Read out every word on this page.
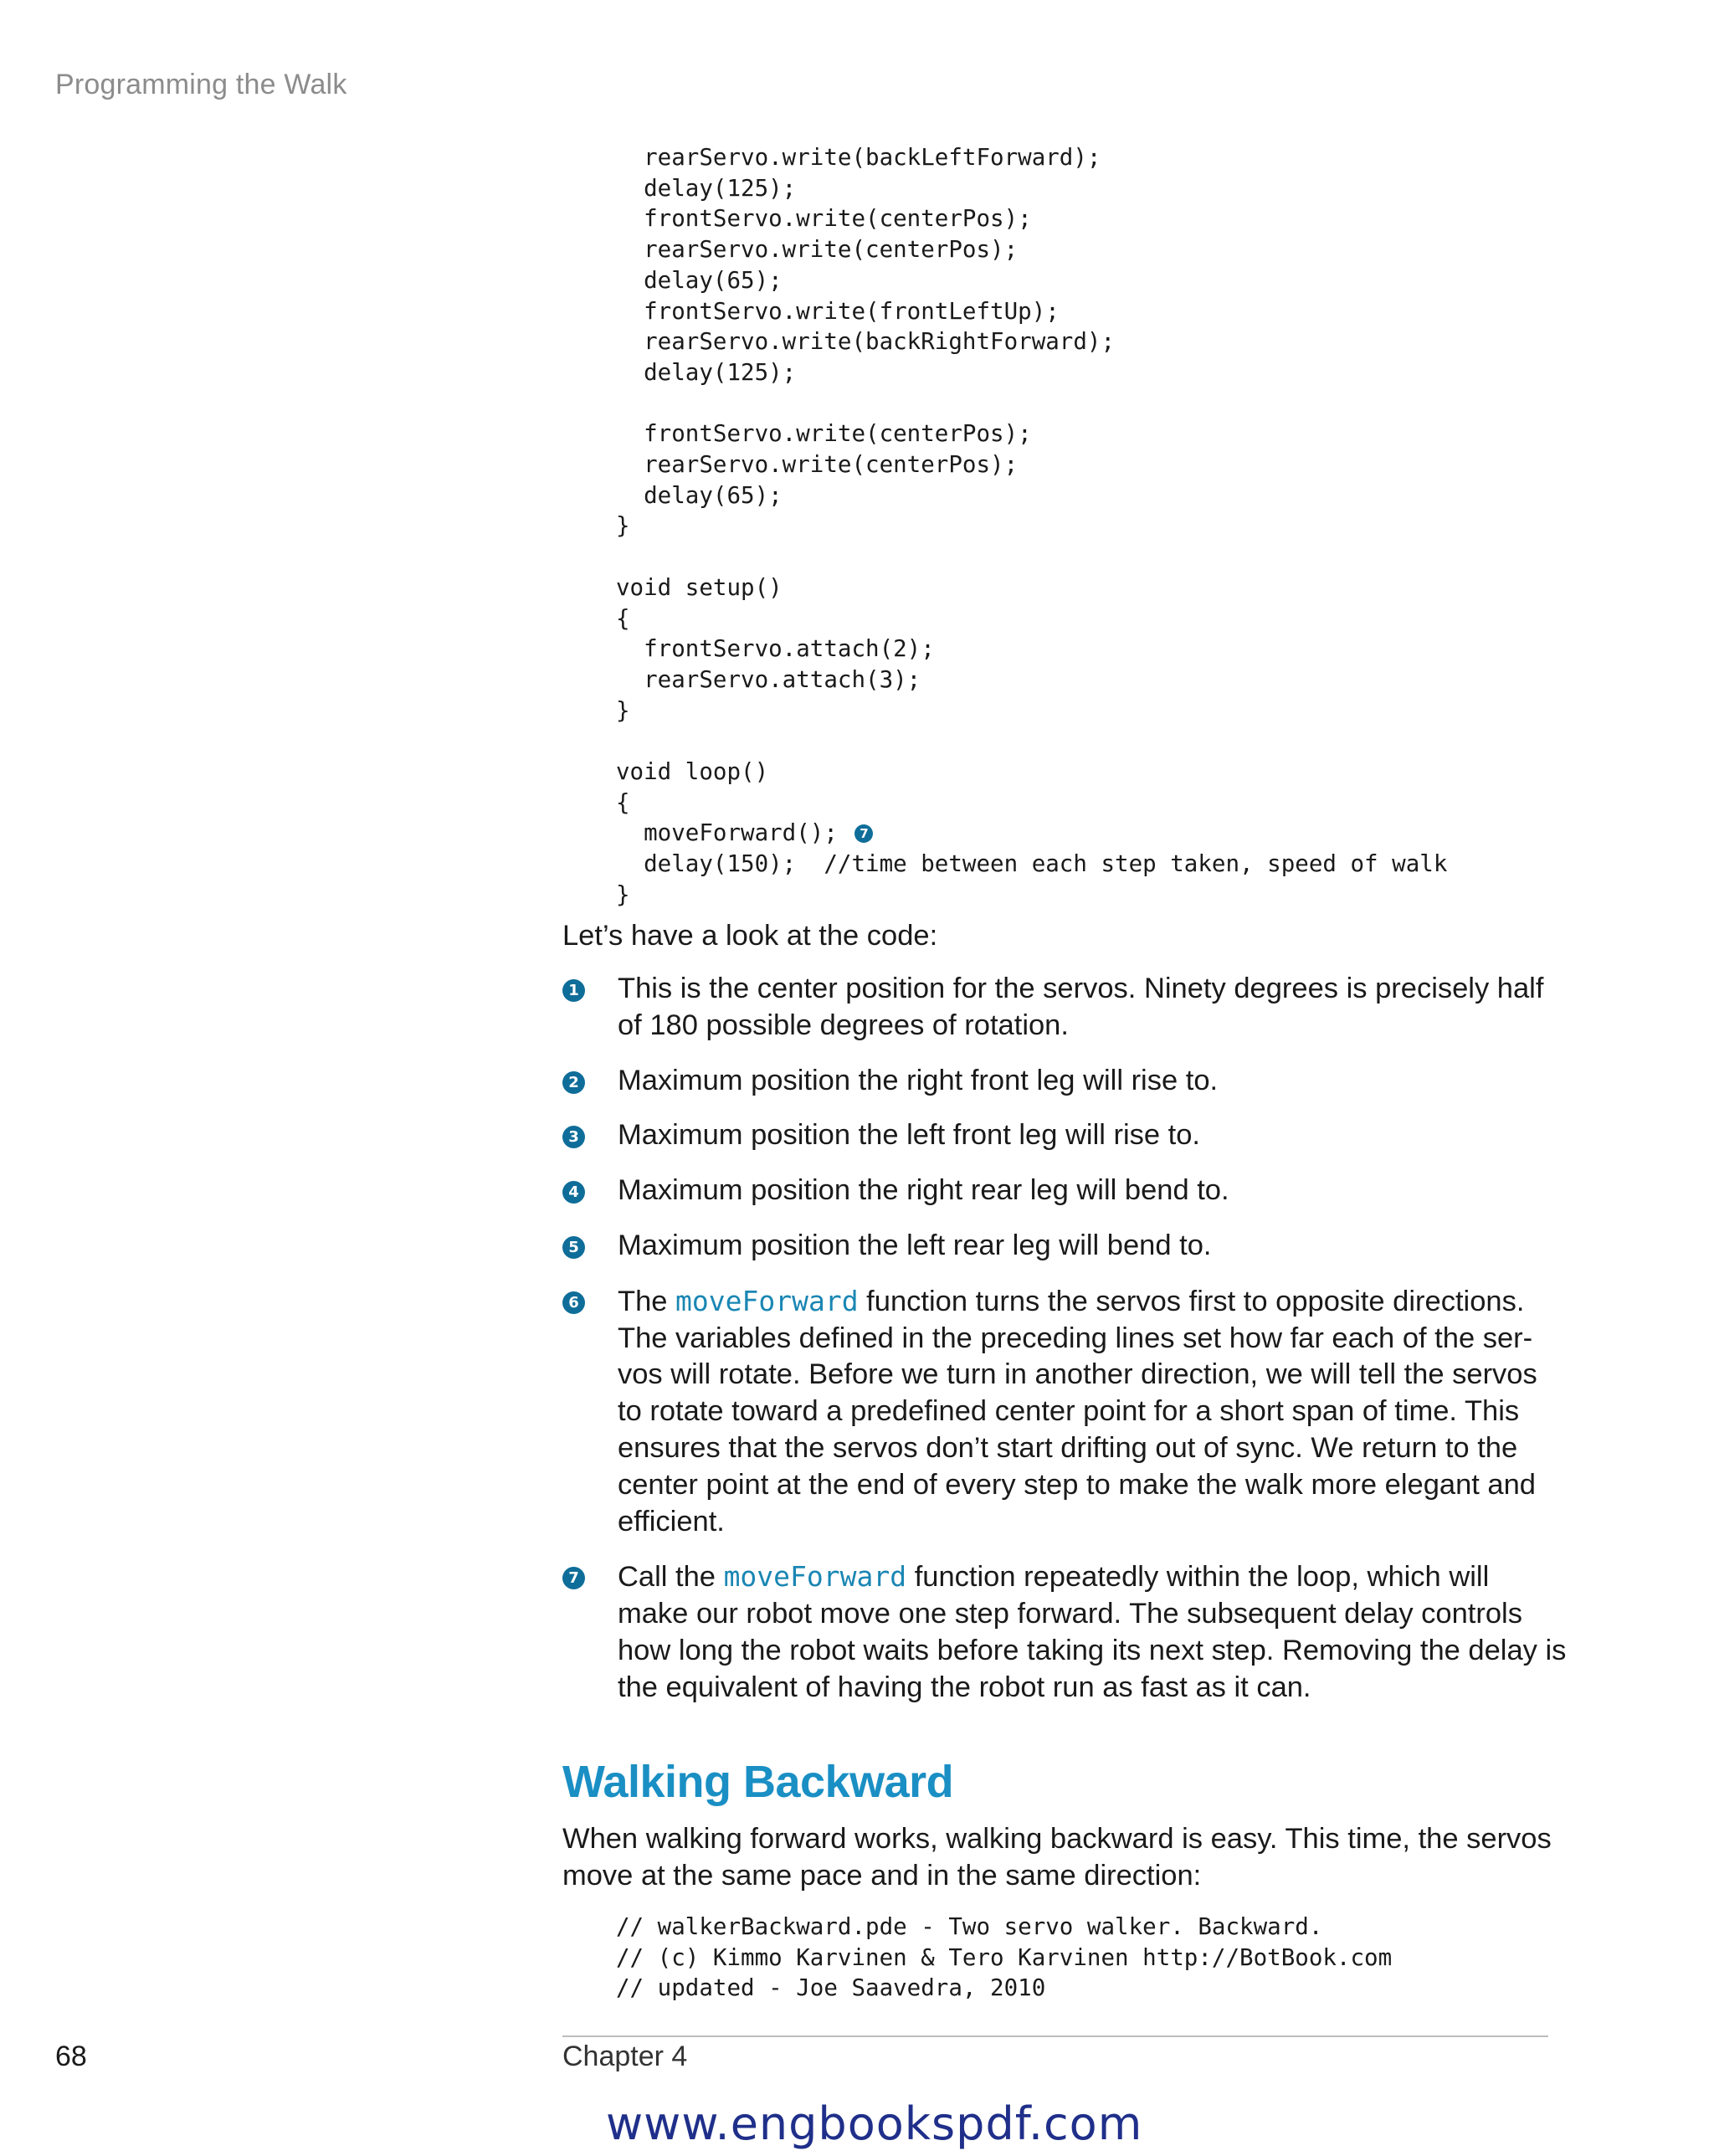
Programming the Walk
rearServo.write(backLeftForward);
delay(125);
frontServo.write(centerPos);
rearServo.write(centerPos);
delay(65);
frontServo.write(frontLeftUp);
rearServo.write(backRightForward);
delay(125);

frontServo.write(centerPos);
rearServo.write(centerPos);
delay(65);
}

void setup()
{
frontServo.attach(2);
rearServo.attach(3);
}

void loop()
{
moveForward(); 7
delay(150);  //time between each step taken, speed of walk
}

Let’s have a look at the code:

1 This is the center position for the servos. Ninety degrees is precisely half of 180 possible degrees of rotation.
2 Maximum position the right front leg will rise to.
3 Maximum position the left front leg will rise to.
4 Maximum position the right rear leg will bend to.
5 Maximum position the left rear leg will bend to.
6 The moveForward function turns the servos first to opposite directions. The variables defined in the preceding lines set how far each of the ser-vos will rotate. Before we turn in another direction, we will tell the servos to rotate toward a predefined center point for a short span of time. This ensures that the servos don’t start drifting out of sync. We return to the center point at the end of every step to make the walk more elegant and efficient.
7 Call the moveForward function repeatedly within the loop, which will make our robot move one step forward. The subsequent delay controls how long the robot waits before taking its next step. Removing the delay is the equivalent of having the robot run as fast as it can.
Walking Backward

When walking forward works, walking backward is easy. This time, the servos move at the same pace and in the same direction:

// walkerBackward.pde - Two servo walker. Backward.
// (c) Kimmo Karvinen & Tero Karvinen http://BotBook.com
// updated - Joe Saavedra, 2010
68	Chapter 4
www.engbookspdf.com
